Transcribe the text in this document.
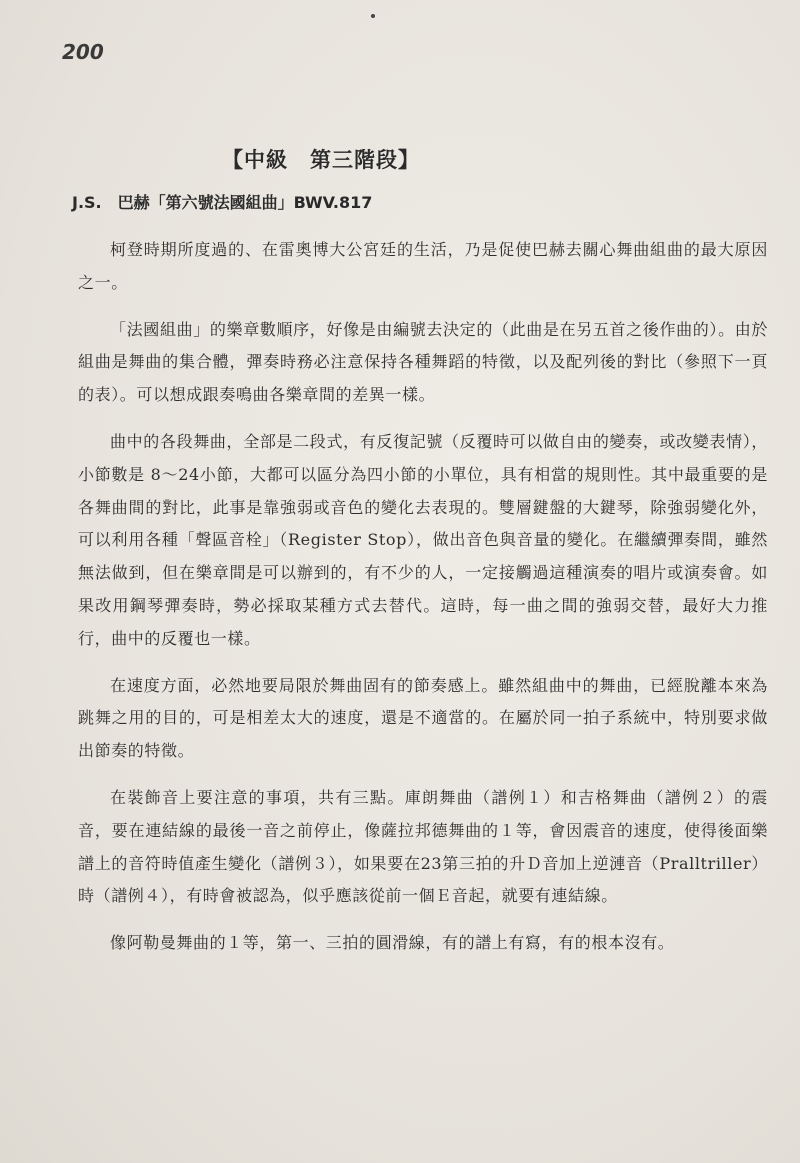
200
【中級　第三階段】
J.S.　巴赫「第六號法國組曲」BWV.817

柯登時期所度過的、在雷奧博大公宮廷的生活，乃是促使巴赫去關心舞曲組曲的最大原因之一。

「法國組曲」的樂章數順序，好像是由編號去決定的（此曲是在另五首之後作曲的）。由於組曲是舞曲的集合體，彈奏時務必注意保持各種舞蹈的特徵，以及配列後的對比（參照下一頁的表）。可以想成跟奏鳴曲各樂章間的差異一樣。

曲中的各段舞曲，全部是二段式，有反復記號（反覆時可以做自由的變奏，或改變表情），小節數是 8～24小節，大都可以區分為四小節的小單位，具有相當的規則性。其中最重要的是各舞曲間的對比，此事是靠強弱或音色的變化去表現的。雙層鍵盤的大鍵琴，除強弱變化外，可以利用各種「聲區音栓」（Register Stop），做出音色與音量的變化。在繼續彈奏間，雖然無法做到，但在樂章間是可以辦到的，有不少的人，一定接觸過這種演奏的唱片或演奏會。如果改用鋼琴彈奏時，勢必採取某種方式去替代。這時，每一曲之間的強弱交替，最好大力推行，曲中的反覆也一樣。

在速度方面，必然地要局限於舞曲固有的節奏感上。雖然組曲中的舞曲，已經脫離本來為跳舞之用的目的，可是相差太大的速度，還是不適當的。在屬於同一拍子系統中，特別要求做出節奏的特徵。

在裝飾音上要注意的事項，共有三點。庫朗舞曲（譜例１）和吉格舞曲（譜例２）的震音，要在連結線的最後一音之前停止，像薩拉邦德舞曲的１等，會因震音的速度，使得後面樂譜上的音符時值產生變化（譜例３），如果要在23第三拍的升Ｄ音加上逆漣音（Pralltriller）時（譜例４），有時會被認為，似乎應該從前一個Ｅ音起，就要有連結線。

像阿勒曼舞曲的１等，第一、三拍的圓滑線，有的譜上有寫，有的根本沒有。
